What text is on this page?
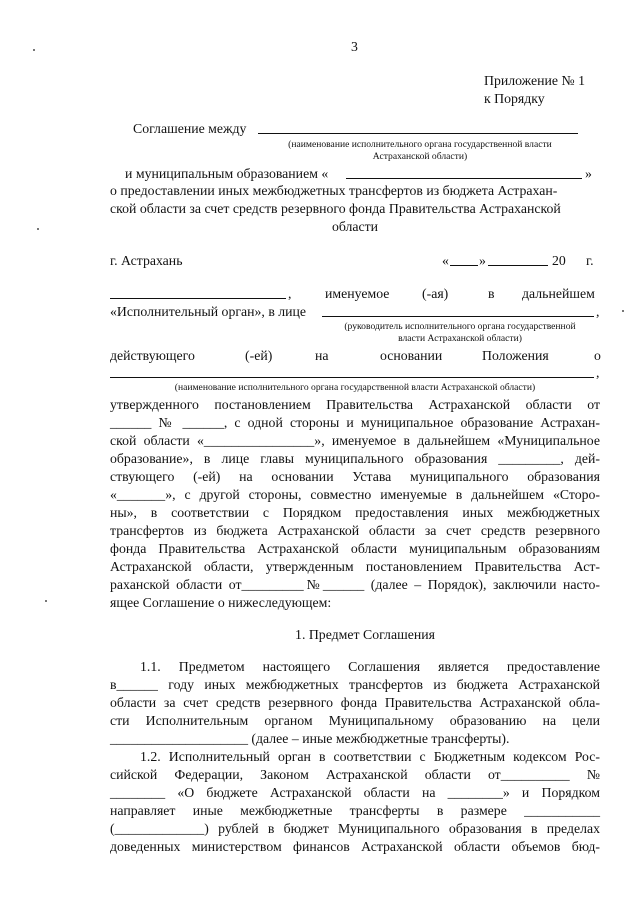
3
Приложение № 1
к Порядку
Соглашение между
(наименование исполнительного органа государственной власти
Астраханской области)
и муниципальным образованием «	»
о предоставлении иных межбюджетных трансфертов из бюджета Астрахан-
ской области за счет средств резервного фонда Правительства Астраханской
области
г. Астрахань	« »	20 г.
, именуемое (-ая)	в дальнейшем
«Исполнительный орган», в лице	,
(руководитель исполнительного органа государственной
власти Астраханской области)
действующего	(-ей)	на	основании	Положения	о
,
(наименование исполнительного органа государственной власти Астраханской области)
утвержденного постановлением Правительства Астраханской области от
______ № ______, с одной стороны и муниципальное образование Астрахан-
ской области «________________», именуемое в дальнейшем «Муниципальное
образование», в лице главы муниципального образования _________, дей-
ствующего (-ей) на основании Устава муниципального образования
«_______», с другой стороны, совместно именуемые в дальнейшем «Сторо-
ны», в соответствии с Порядком предоставления иных межбюджетных
трансфертов из бюджета Астраханской области за счет средств резервного
фонда Правительства Астраханской области муниципальным образованиям
Астраханской области, утвержденным постановлением Правительства Аст-
раханской области от_________№______ (далее – Порядок), заключили насто-
ящее Соглашение о нижеследующем:
1. Предмет Соглашения
1.1. Предметом настоящего Соглашения является предоставление
в______ году иных межбюджетных трансфертов из бюджета Астраханской
области за счет средств резервного фонда Правительства Астраханской обла-
сти Исполнительным органом Муниципальному образованию на цели
____________________ (далее – иные межбюджетные трансферты).
1.2. Исполнительный орган в соответствии с Бюджетным кодексом Рос-
сийской Федерации, Законом Астраханской области от__________ №
________ «О бюджете Астраханской области на ________» и Порядком
направляет иные межбюджетные трансферты в размере ___________
(_____________) рублей в бюджет Муниципального образования в пределах
доведенных министерством финансов Астраханской области объемов бюд-
